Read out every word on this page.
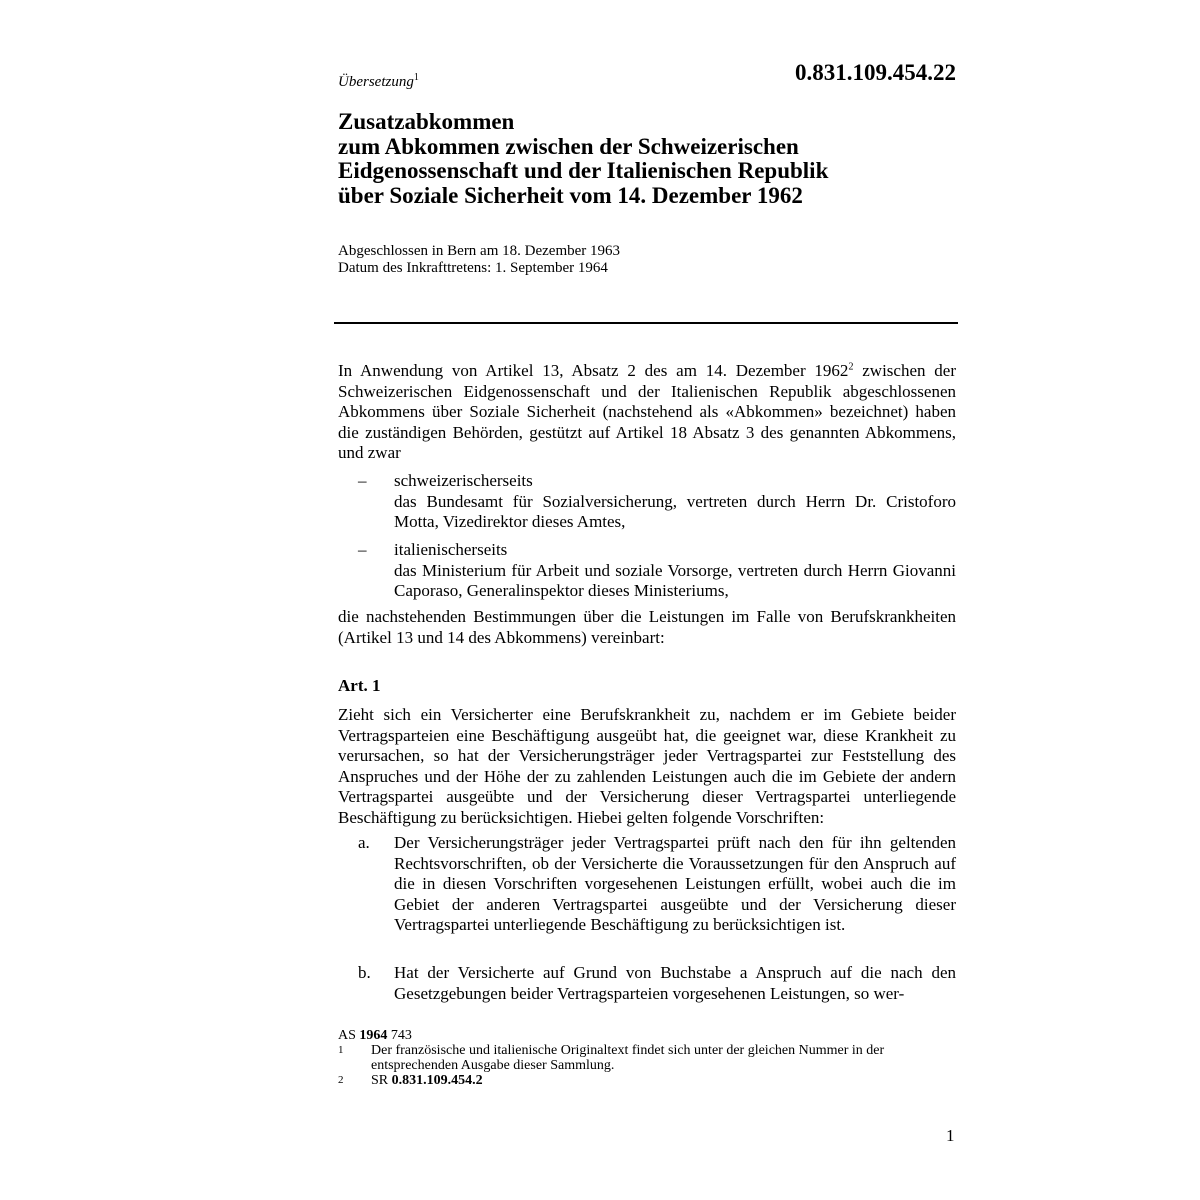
Übersetzung$^1$	0.831.109.454.22
Zusatzabkommen
zum Abkommen zwischen der Schweizerischen
Eidgenossenschaft und der Italienischen Republik
über Soziale Sicherheit vom 14. Dezember 1962
Abgeschlossen in Bern am 18. Dezember 1963
Datum des Inkrafttretens: 1. September 1964
In Anwendung von Artikel 13, Absatz 2 des am 14. Dezember 1962$^2$ zwischen der Schweizerischen Eidgenossenschaft und der Italienischen Republik abgeschlossenen Abkommens über Soziale Sicherheit (nachstehend als «Abkommen» bezeichnet) haben die zuständigen Behörden, gestützt auf Artikel 18 Absatz 3 des genannten Abkommens, und zwar
– schweizerischerseits
das Bundesamt für Sozialversicherung, vertreten durch Herrn Dr. Cristoforo Motta, Vizedirektor dieses Amtes,
– italienischerseits
das Ministerium für Arbeit und soziale Vorsorge, vertreten durch Herrn Giovanni Caporaso, Generalinspektor dieses Ministeriums,
die nachstehenden Bestimmungen über die Leistungen im Falle von Berufskrankheiten (Artikel 13 und 14 des Abkommens) vereinbart:
Art. 1
Zieht sich ein Versicherter eine Berufskrankheit zu, nachdem er im Gebiete beider Vertragsparteien eine Beschäftigung ausgeübt hat, die geeignet war, diese Krankheit zu verursachen, so hat der Versicherungsträger jeder Vertragspartei zur Feststellung des Anspruches und der Höhe der zu zahlenden Leistungen auch die im Gebiete der andern Vertragspartei ausgeübte und der Versicherung dieser Vertragspartei unterliegende Beschäftigung zu berücksichtigen. Hiebei gelten folgende Vorschriften:
a. Der Versicherungsträger jeder Vertragspartei prüft nach den für ihn geltenden Rechtsvorschriften, ob der Versicherte die Voraussetzungen für den Anspruch auf die in diesen Vorschriften vorgesehenen Leistungen erfüllt, wobei auch die im Gebiet der anderen Vertragspartei ausgeübte und der Versicherung dieser Vertragspartei unterliegende Beschäftigung zu berücksichtigen ist.
b. Hat der Versicherte auf Grund von Buchstabe a Anspruch auf die nach den Gesetzgebungen beider Vertragsparteien vorgesehenen Leistungen, so wer-
AS 1964 743
1 Der französische und italienische Originaltext findet sich unter der gleichen Nummer in der entsprechenden Ausgabe dieser Sammlung.
2 SR 0.831.109.454.2
1
